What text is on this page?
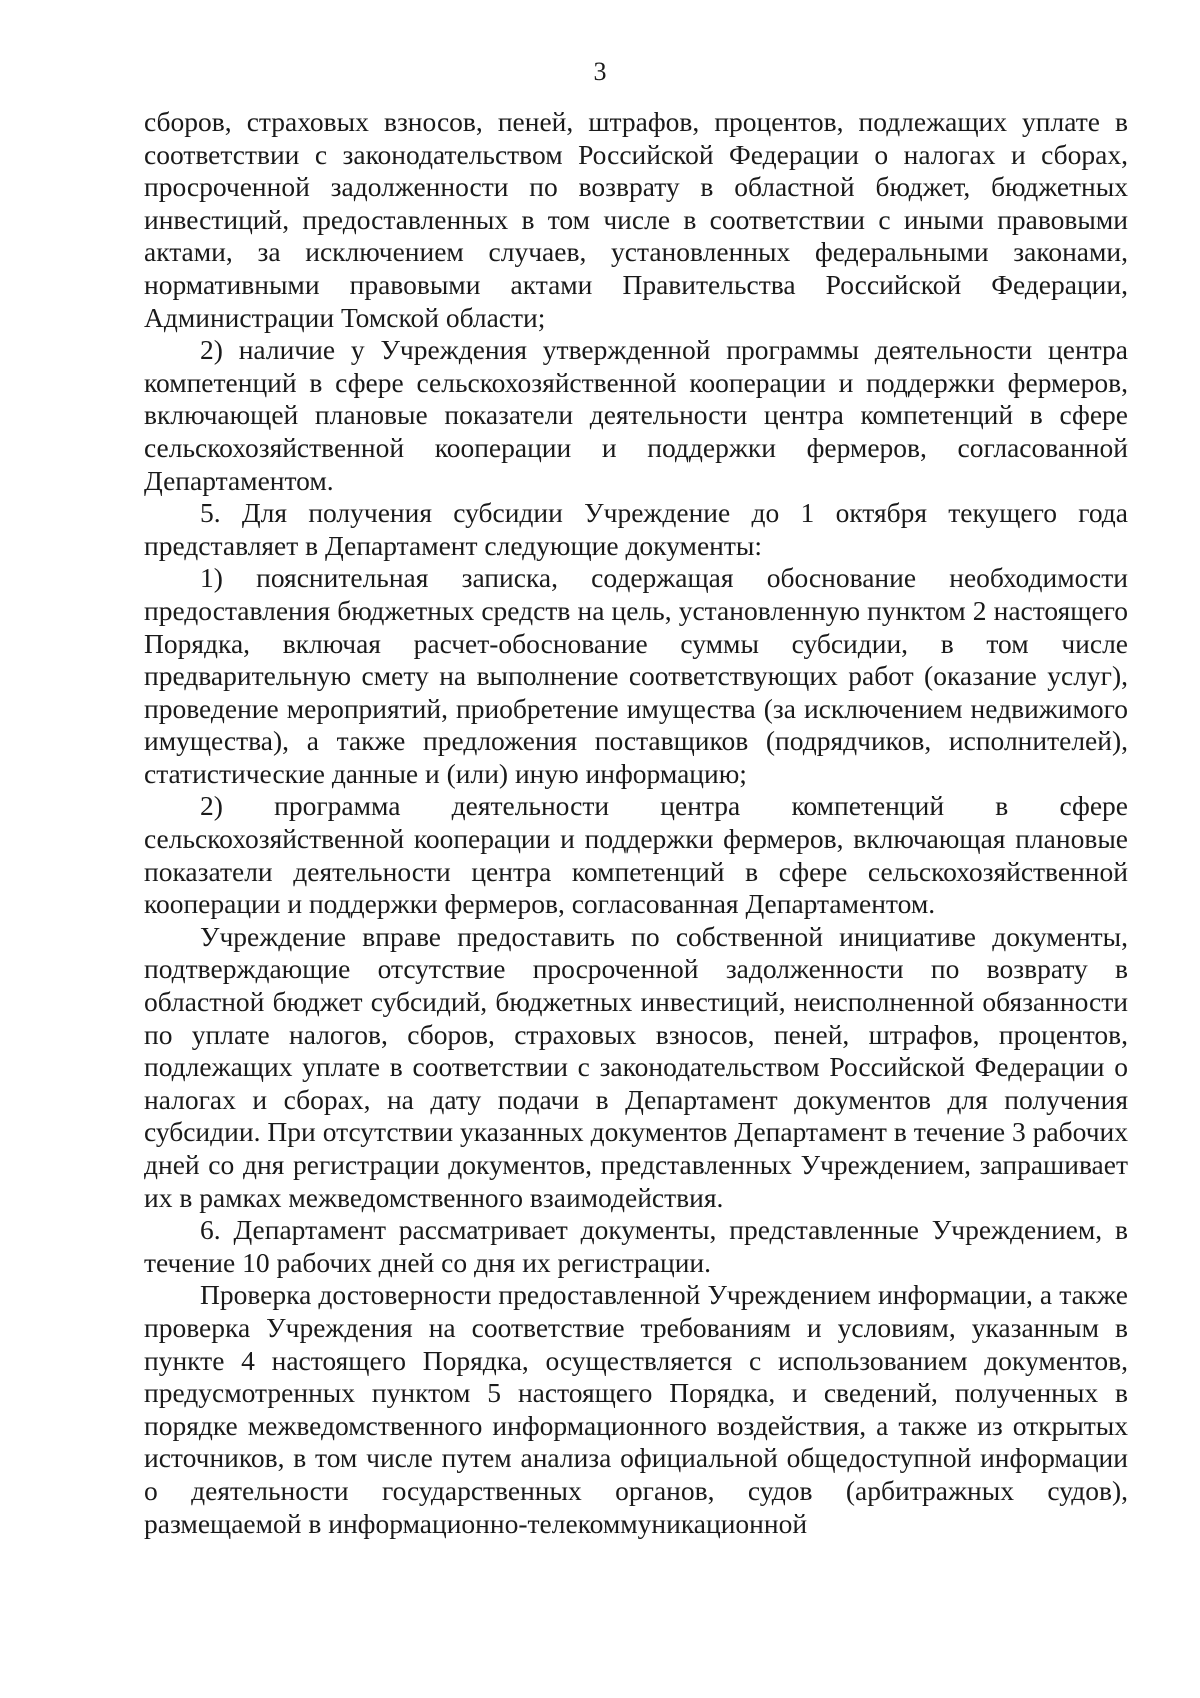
3

сборов, страховых взносов, пеней, штрафов, процентов, подлежащих уплате в соответствии с законодательством Российской Федерации о налогах и сборах, просроченной задолженности по возврату в областной бюджет, бюджетных инвестиций, предоставленных в том числе в соответствии с иными правовыми актами, за исключением случаев, установленных федеральными законами, нормативными правовыми актами Правительства Российской Федерации, Администрации Томской области;

2) наличие у Учреждения утвержденной программы деятельности центра компетенций в сфере сельскохозяйственной кооперации и поддержки фермеров, включающей плановые показатели деятельности центра компетенций в сфере сельскохозяйственной кооперации и поддержки фермеров, согласованной Департаментом.

5. Для получения субсидии Учреждение до 1 октября текущего года представляет в Департамент следующие документы:

1) пояснительная записка, содержащая обоснование необходимости предоставления бюджетных средств на цель, установленную пунктом 2 настоящего Порядка, включая расчет-обоснование суммы субсидии, в том числе предварительную смету на выполнение соответствующих работ (оказание услуг), проведение мероприятий, приобретение имущества (за исключением недвижимого имущества), а также предложения поставщиков (подрядчиков, исполнителей), статистические данные и (или) иную информацию;

2) программа деятельности центра компетенций в сфере сельскохозяйственной кооперации и поддержки фермеров, включающая плановые показатели деятельности центра компетенций в сфере сельскохозяйственной кооперации и поддержки фермеров, согласованная Департаментом.

Учреждение вправе предоставить по собственной инициативе документы, подтверждающие отсутствие просроченной задолженности по возврату в областной бюджет субсидий, бюджетных инвестиций, неисполненной обязанности по уплате налогов, сборов, страховых взносов, пеней, штрафов, процентов, подлежащих уплате в соответствии с законодательством Российской Федерации о налогах и сборах, на дату подачи в Департамент документов для получения субсидии. При отсутствии указанных документов Департамент в течение 3 рабочих дней со дня регистрации документов, представленных Учреждением, запрашивает их в рамках межведомственного взаимодействия.

6. Департамент рассматривает документы, представленные Учреждением, в течение 10 рабочих дней со дня их регистрации.

Проверка достоверности предоставленной Учреждением информации, а также проверка Учреждения на соответствие требованиям и условиям, указанным в пункте 4 настоящего Порядка, осуществляется с использованием документов, предусмотренных пунктом 5 настоящего Порядка, и сведений, полученных в порядке межведомственного информационного воздействия, а также из открытых источников, в том числе путем анализа официальной общедоступной информации о деятельности государственных органов, судов (арбитражных судов), размещаемой в информационно-телекоммуникационной
